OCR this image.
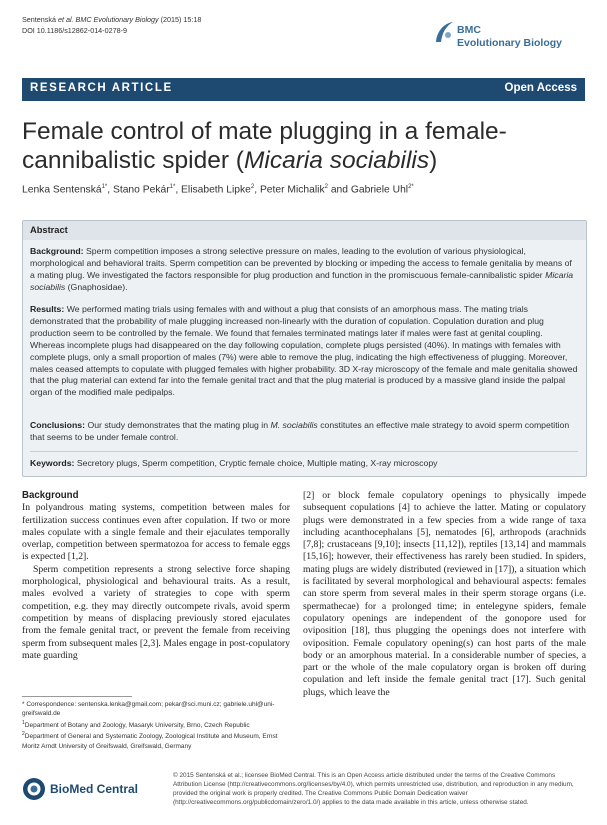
Sentenská et al. BMC Evolutionary Biology (2015) 15:18
DOI 10.1186/s12862-014-0278-9	BMC
Evolutionary Biology
RESEARCH ARTICLE	Open Access
Female control of mate plugging in a female-cannibalistic spider (Micaria sociabilis)
Lenka Sentenská$^{1*}$, Stano Pekár$^{1*}$, Elisabeth Lipke$^2$, Peter Michalik$^2$ and Gabriele Uhl$^{2*}$
Abstract
Background: Sperm competition imposes a strong selective pressure on males, leading to the evolution of various physiological, morphological and behavioral traits. Sperm competition can be prevented by blocking or impeding the access to female genitalia by means of a mating plug. We investigated the factors responsible for plug production and function in the promiscuous female-cannibalistic spider Micaria sociabilis (Gnaphosidae).
Results: We performed mating trials using females with and without a plug that consists of an amorphous mass. The mating trials demonstrated that the probability of male plugging increased non-linearly with the duration of copulation. Copulation duration and plug production seem to be controlled by the female. We found that females terminated matings later if males were fast at genital coupling. Whereas incomplete plugs had disappeared on the day following copulation, complete plugs persisted (40%). In matings with females with complete plugs, only a small proportion of males (7%) were able to remove the plug, indicating the high effectiveness of plugging. Moreover, males ceased attempts to copulate with plugged females with higher probability. 3D X-ray microscopy of the female and male genitalia showed that the plug material can extend far into the female genital tract and that the plug material is produced by a massive gland inside the palpal organ of the modified male pedipalps.
Conclusions: Our study demonstrates that the mating plug in M. sociabilis constitutes an effective male strategy to avoid sperm competition that seems to be under female control.
Keywords: Secretory plugs, Sperm competition, Cryptic female choice, Multiple mating, X-ray microscopy
Background

In polyandrous mating systems, competition between males for fertilization success continues even after copulation. If two or more males copulate with a single female and their ejaculates temporally overlap, competition between spermatozoa for access to female eggs is expected [1,2].

Sperm competition represents a strong selective force shaping morphological, physiological and behavioural traits. As a result, males evolved a variety of strategies to cope with sperm competition, e.g. they may directly outcompete rivals, avoid sperm competition by means of displacing previously stored ejaculates from the female genital tract, or prevent the female from receiving sperm from subsequent males [2,3]. Males engage in post-copulatory mate guarding

[2] or block female copulatory openings to physically impede subsequent copulations [4] to achieve the latter. Mating or copulatory plugs were demonstrated in a few species from a wide range of taxa including acanthocephalans [5], nematodes [6], arthropods (arachnids [7,8]; crustaceans [9,10]; insects [11,12]), reptiles [13,14] and mammals [15,16]; however, their effectiveness has rarely been studied. In spiders, mating plugs are widely distributed (reviewed in [17]), a situation which is facilitated by several morphological and behavioural aspects: females can store sperm from several males in their sperm storage organs (i.e. spermathecae) for a prolonged time; in entelegyne spiders, female copulatory openings are independent of the gonopore used for oviposition [18], thus plugging the openings does not interfere with oviposition. Female copulatory opening(s) can host parts of the male body or an amorphous material. In a considerable number of species, a part or the whole of the male copulatory organ is broken off during copulation and left inside the female genital tract [17]. Such genital plugs, which leave the

* Correspondence: sentenska.lenka@gmail.com; pekar@sci.muni.cz; gabriele.uhl@uni-greifswald.de
$^1$Department of Botany and Zoology, Masaryk University, Brno, Czech Republic
$^2$Department of General and Systematic Zoology, Zoological Institute and Museum, Ernst Moritz Arndt University of Greifswald, Greifswald, Germany
BioMed Central
© 2015 Sentenská et al.; licensee BioMed Central. This is an Open Access article distributed under the terms of the Creative Commons Attribution License (http://creativecommons.org/licenses/by/4.0), which permits unrestricted use, distribution, and reproduction in any medium, provided the original work is properly credited. The Creative Commons Public Domain Dedication waiver (http://creativecommons.org/publicdomain/zero/1.0/) applies to the data made available in this article, unless otherwise stated.
